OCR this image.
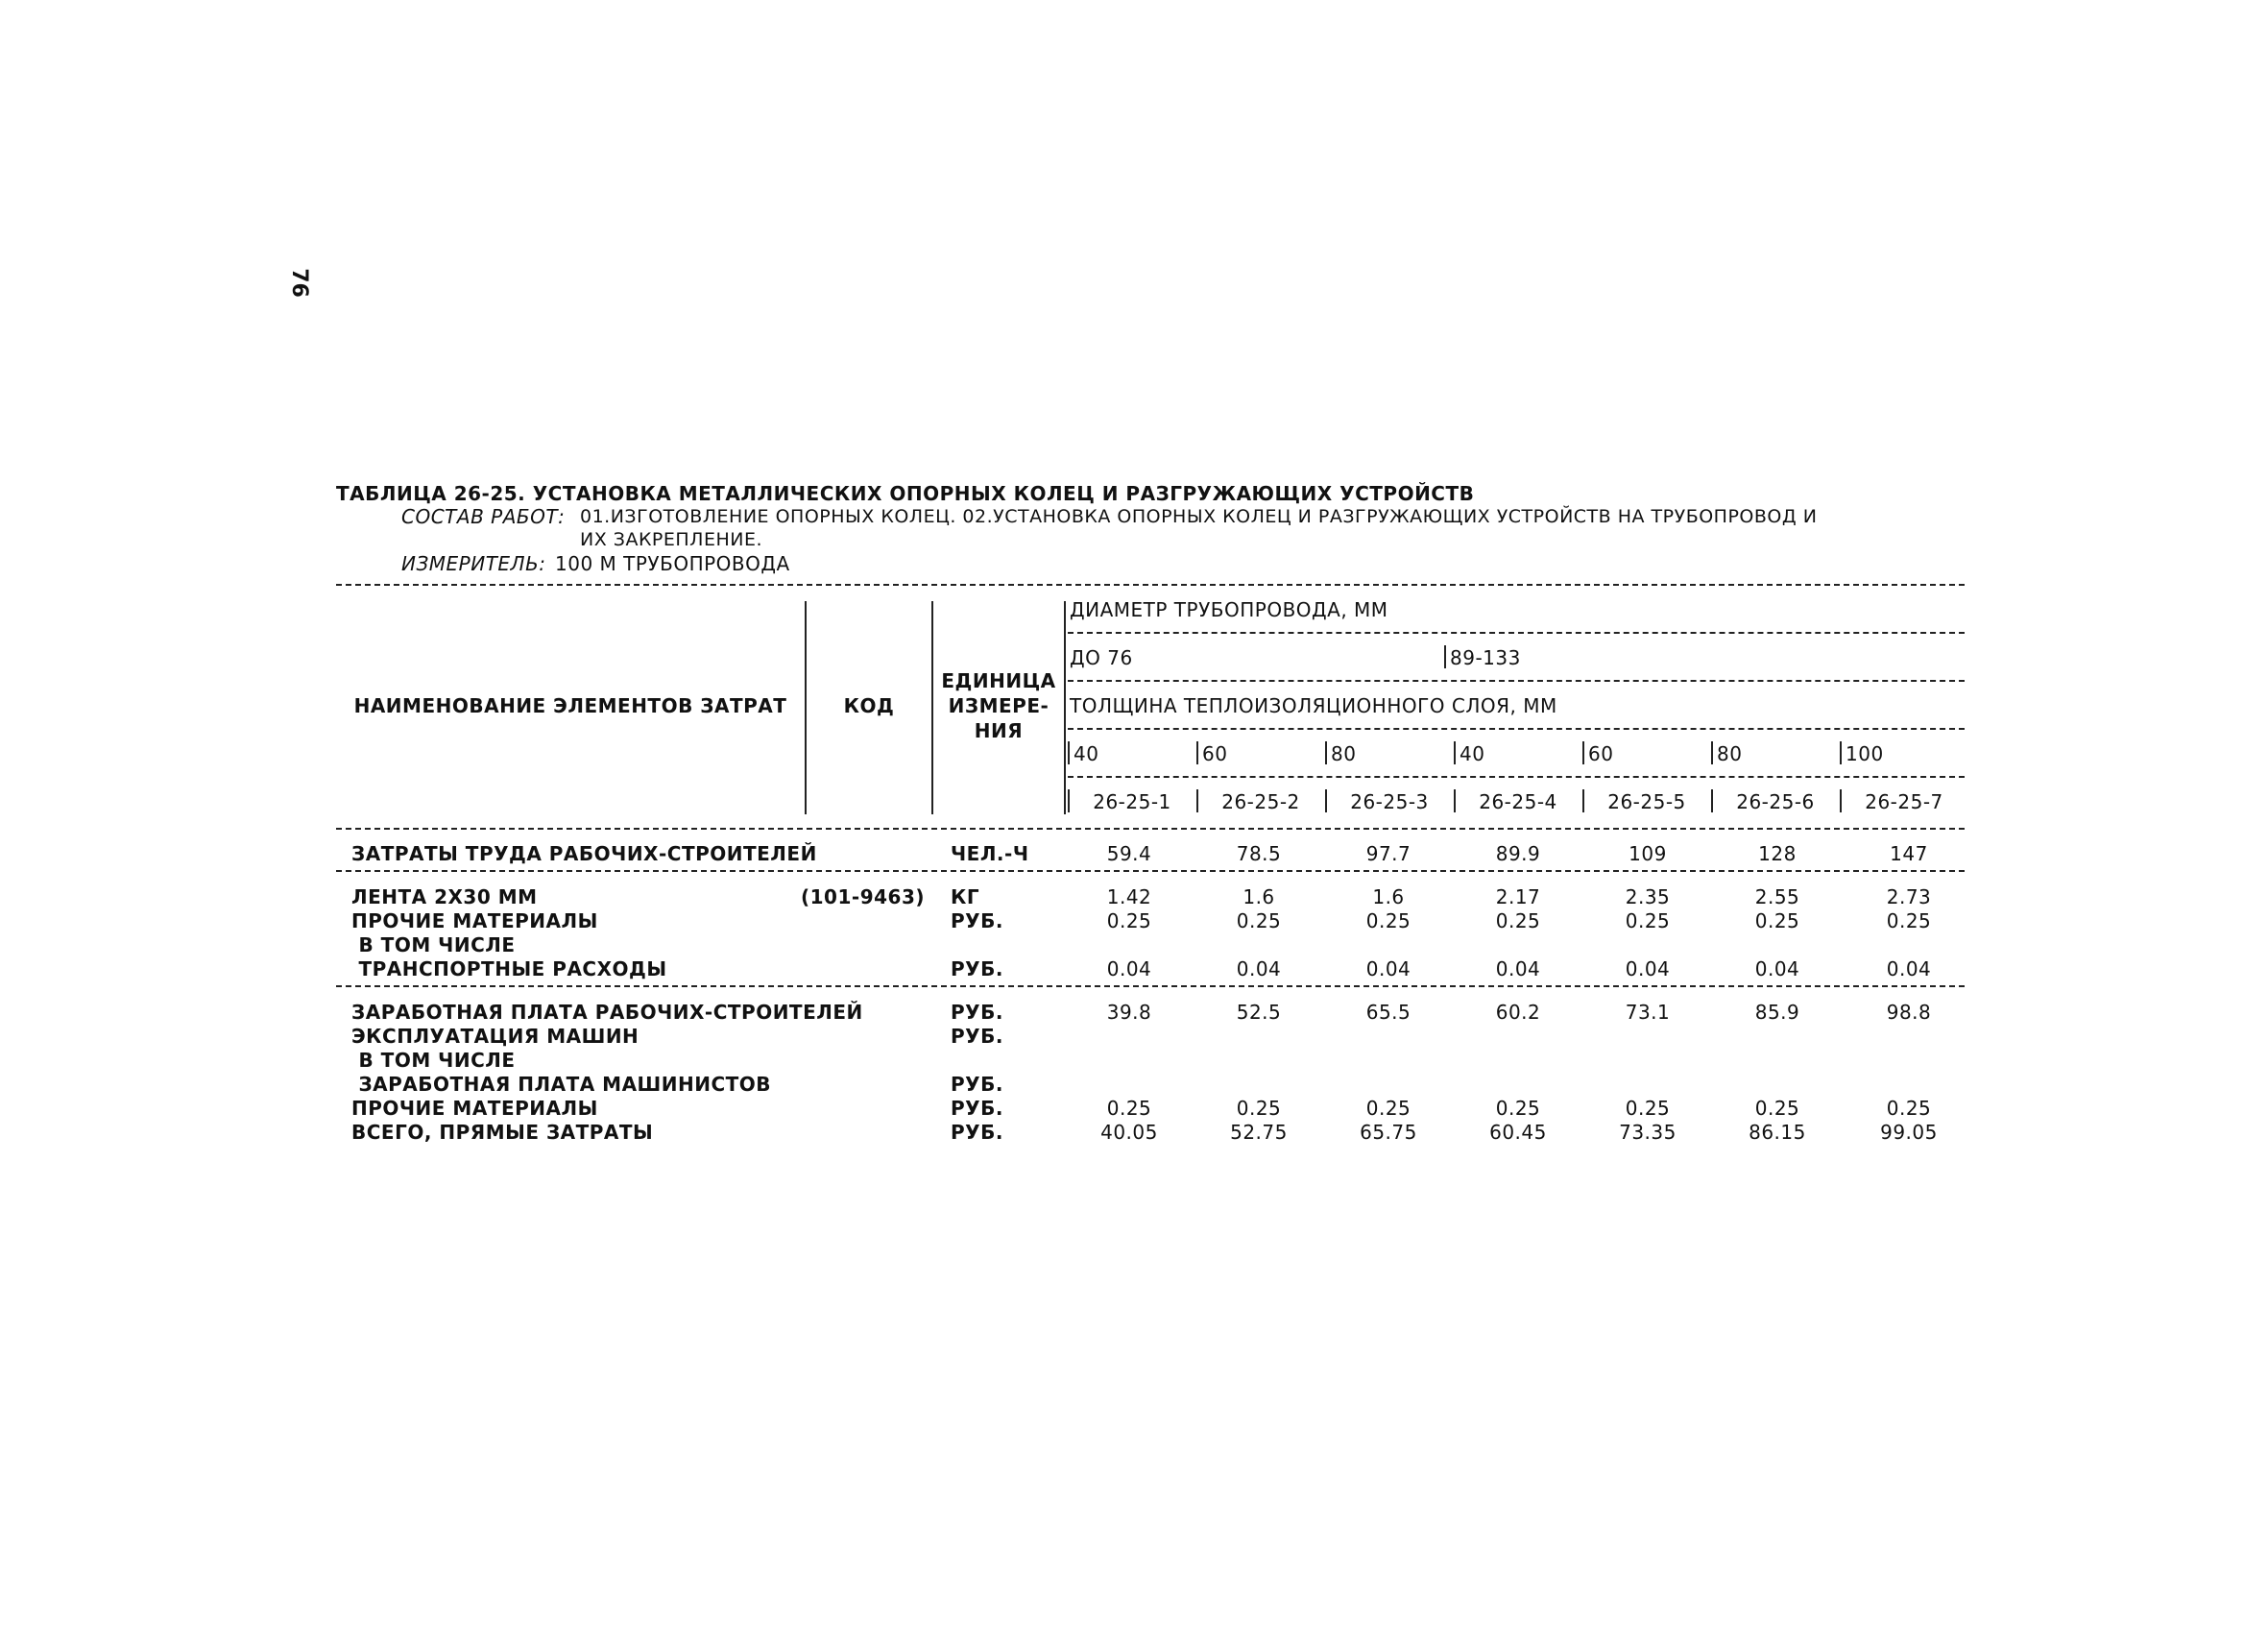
76
ТАБЛИЦА 26-25. УСТАНОВКА МЕТАЛЛИЧЕСКИХ ОПОРНЫХ КОЛЕЦ И РАЗГРУЖАЮЩИХ УСТРОЙСТВ
СОСТАВ РАБОТ: 01.ИЗГОТОВЛЕНИЕ ОПОРНЫХ КОЛЕЦ. 02.УСТАНОВКА ОПОРНЫХ КОЛЕЦ И РАЗГРУЖАЮЩИХ УСТРОЙСТВ НА ТРУБОПРОВОД И
ИХ ЗАКРЕПЛЕНИЕ.
ИЗМЕРИТЕЛЬ: 100 М ТРУБОПРОВОДА
НАИМЕНОВАНИЕ ЭЛЕМЕНТОВ ЗАТРАТ	КОД
ЕДИНИЦА
ИЗМЕРЕ-
НИЯ
ДИАМЕТР ТРУБОПРОВОДА, ММ
ДО 76	89-133
ТОЛЩИНА ТЕПЛОИЗОЛЯЦИОННОГО СЛОЯ, ММ
40	60	80	40	60	80	100
26-25-1	26-25-2	26-25-3	26-25-4	26-25-5	26-25-6	26-25-7
ЗАТРАТЫ ТРУДА РАБОЧИХ-СТРОИТЕЛЕЙ	ЧЕЛ.-Ч	59.4	78.5	97.7	89.9	109	128	147
ЛЕНТА 2Х30 ММ	(101-9463) КГ	1.42	1.6	1.6	2.17	2.35	2.55	2.73
ПРОЧИЕ МАТЕРИАЛЫ	РУБ.	0.25	0.25	0.25	0.25	0.25	0.25	0.25
В ТОМ ЧИСЛЕ
ТРАНСПОРТНЫЕ РАСХОДЫ	РУБ.	0.04	0.04	0.04	0.04	0.04	0.04	0.04
ЗАРАБОТНАЯ ПЛАТА РАБОЧИХ-СТРОИТЕЛЕЙ	РУБ.	39.8	52.5	65.5	60.2	73.1	85.9	98.8
ЭКСПЛУАТАЦИЯ МАШИН	РУБ.
В ТОМ ЧИСЛЕ
ЗАРАБОТНАЯ ПЛАТА МАШИНИСТОВ	РУБ.
ПРОЧИЕ МАТЕРИАЛЫ	РУБ.	0.25	0.25	0.25	0.25	0.25	0.25	0.25
ВСЕГО, ПРЯМЫЕ ЗАТРАТЫ	РУБ.	40.05	52.75	65.75	60.45	73.35	86.15	99.05
